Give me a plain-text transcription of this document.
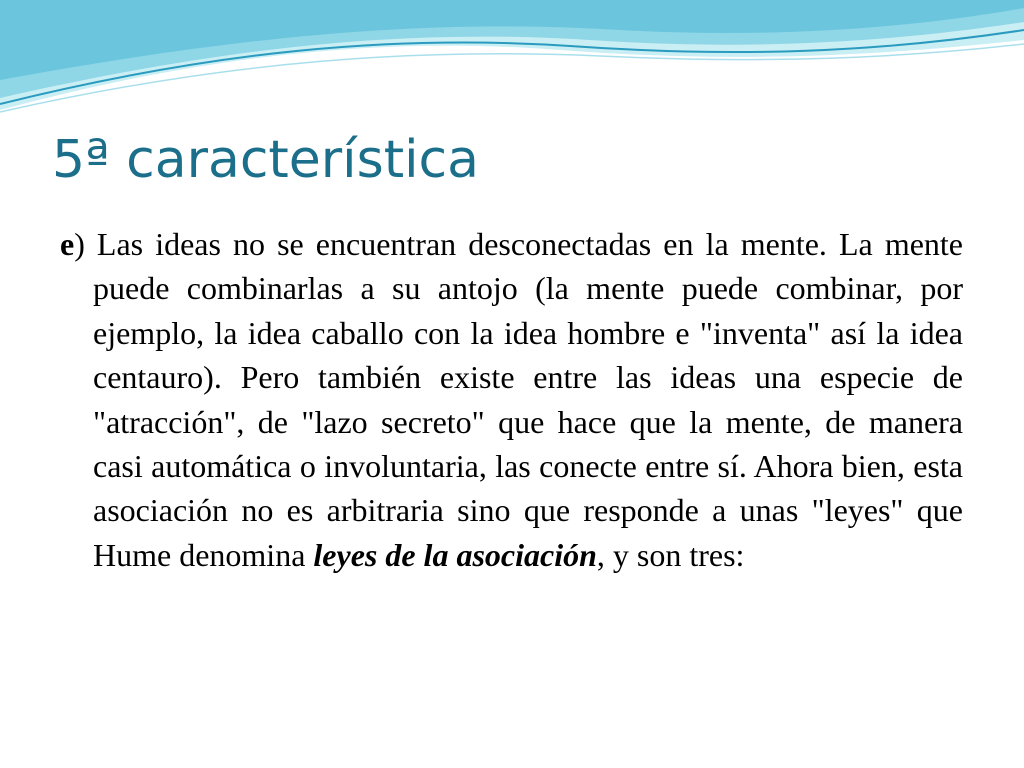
5ª característica

e) Las ideas no se encuentran desconectadas en la mente. La mente puede combinarlas a su antojo (la mente puede combinar, por ejemplo, la idea caballo con la idea hombre e "inventa" así la idea centauro). Pero también existe entre las ideas una especie de "atracción", de "lazo secreto" que hace que la mente, de manera casi automática o involuntaria, las conecte entre sí. Ahora bien, esta asociación no es arbitraria sino que responde a unas "leyes" que Hume denomina leyes de la asociación, y son tres:
